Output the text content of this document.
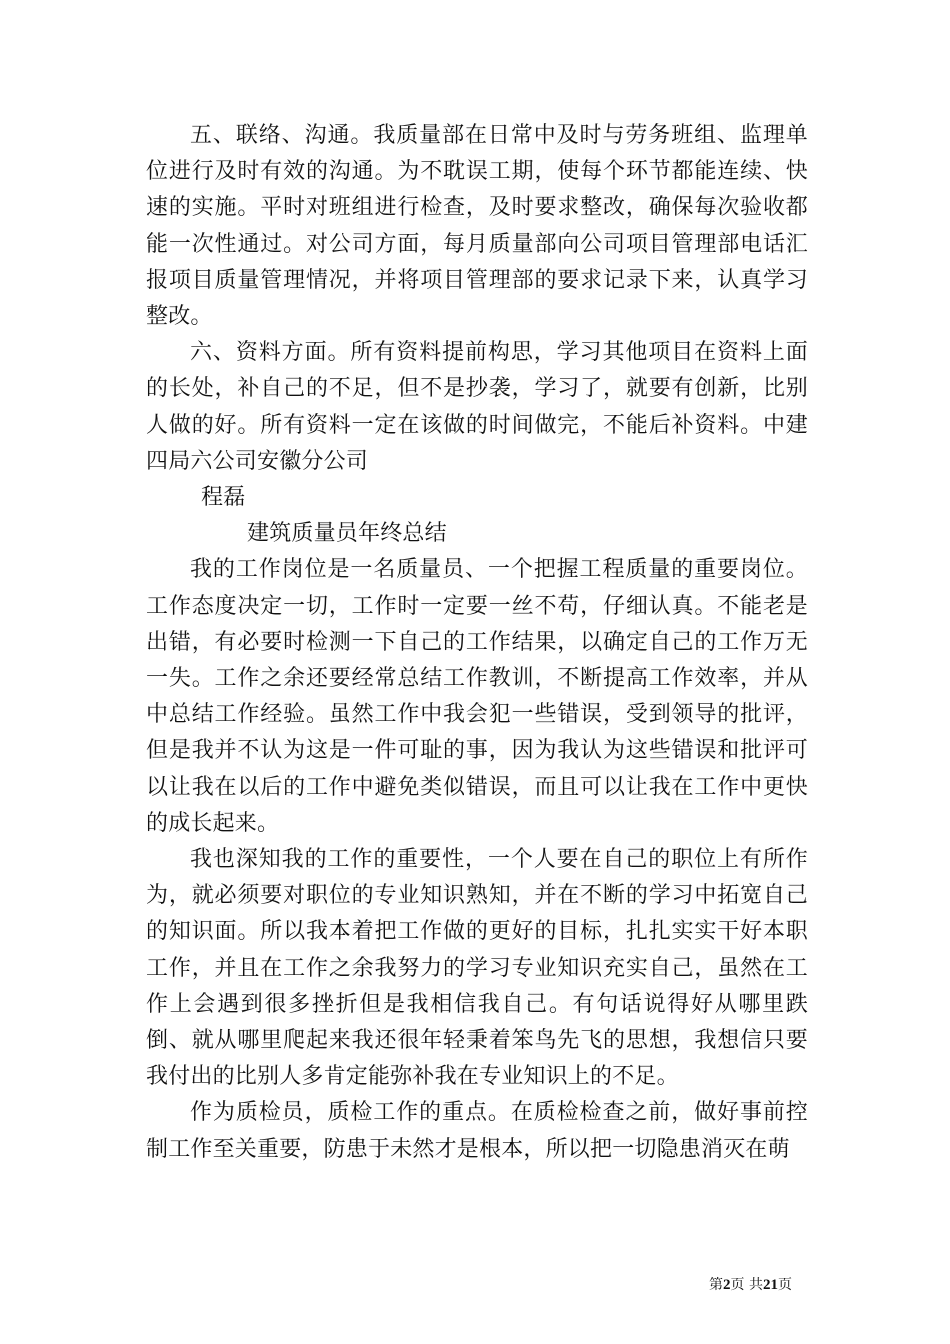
五、联络、沟通。我质量部在日常中及时与劳务班组、监理单位进行及时有效的沟通。为不耽误工期，使每个环节都能连续、快速的实施。平时对班组进行检查，及时要求整改，确保每次验收都能一次性通过。对公司方面，每月质量部向公司项目管理部电话汇报项目质量管理情况，并将项目管理部的要求记录下来，认真学习整改。

六、资料方面。所有资料提前构思，学习其他项目在资料上面的长处，补自己的不足，但不是抄袭，学习了，就要有创新，比别人做的好。所有资料一定在该做的时间做完，不能后补资料。中建四局六公司安徽分公司

程磊

建筑质量员年终总结

我的工作岗位是一名质量员、一个把握工程质量的重要岗位。工作态度决定一切，工作时一定要一丝不苟，仔细认真。不能老是出错，有必要时检测一下自己的工作结果，以确定自己的工作万无一失。工作之余还要经常总结工作教训，不断提高工作效率，并从中总结工作经验。虽然工作中我会犯一些错误，受到领导的批评，但是我并不认为这是一件可耻的事，因为我认为这些错误和批评可以让我在以后的工作中避免类似错误，而且可以让我在工作中更快的成长起来。

我也深知我的工作的重要性，一个人要在自己的职位上有所作为，就必须要对职位的专业知识熟知，并在不断的学习中拓宽自己的知识面。所以我本着把工作做的更好的目标，扎扎实实干好本职工作，并且在工作之余我努力的学习专业知识充实自己，虽然在工作上会遇到很多挫折但是我相信我自己。有句话说得好从哪里跌倒、就从哪里爬起来我还很年轻秉着笨鸟先飞的思想，我想信只要我付出的比别人多肯定能弥补我在专业知识上的不足。

作为质检员，质检工作的重点。在质检检查之前，做好事前控制工作至关重要，防患于未然才是根本，所以把一切隐患消灭在萌

第2页 共21页
